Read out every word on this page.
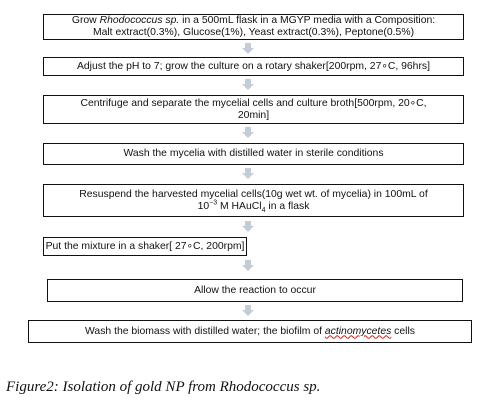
Grow Rhodococcus sp. in a 500mL flask in a MGYP media with a Composition:
Malt extract(0.3%), Glucose(1%), Yeast extract(0.3%), Peptone(0.5%)
Adjust the pH to 7; grow the culture on a rotary shaker[200rpm, 27∘C, 96hrs]
Centrifuge and separate the mycelial cells and culture broth[500rpm, 20∘C,
20min]
Wash the mycelia with distilled water in sterile conditions
Resuspend the harvested mycelial cells(10g wet wt. of mycelia) in 100mL of
$10^{-3}$ M HAuCl$_4$ in a flask
Put the mixture in a shaker[ 27∘C, 200rpm]
Allow the reaction to occur
Wash the biomass with distilled water; the biofilm of actinomycetes cells
Figure2: Isolation of gold NP from Rhodococcus sp.
